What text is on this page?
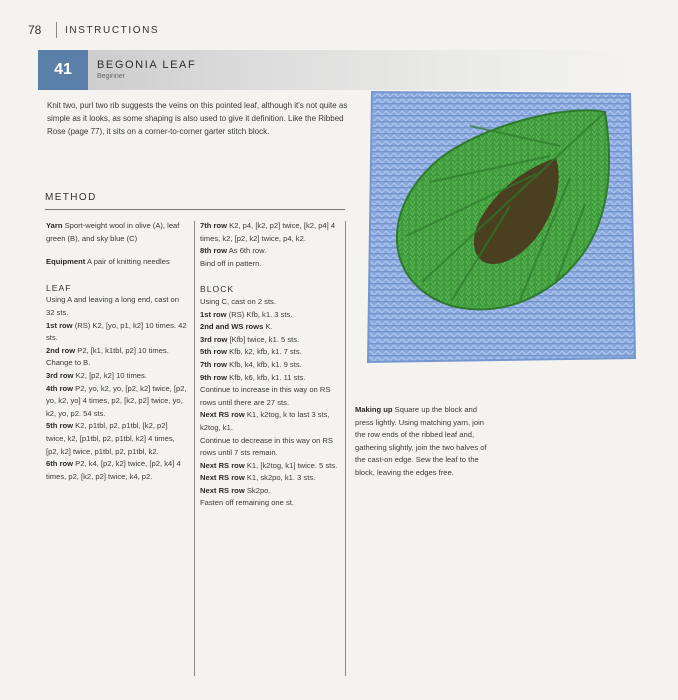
78	INSTRUCTIONS
41	BEGONIA LEAF
Beginner
Knit two, purl two rib suggests the veins on this pointed leaf, although it's not quite as simple as it looks, as some shaping is also used to give it definition. Like the Ribbed Rose (page 77), it sits on a corner-to-corner garter stitch block.
METHOD

Yarn Sport-weight wool in olive (A), leaf green (B), and sky blue (C)

Equipment A pair of knitting needles

LEAF

Using A and leaving a long end, cast on 32 sts.

1st row (RS) K2, [yo, p1, k2] 10 times. 42 sts.

2nd row P2, [k1, k1tbl, p2] 10 times.

Change to B.

3rd row K2, [p2, k2] 10 times.

4th row P2, yo, k2, yo, [p2, k2] twice, [p2, yo, k2, yo] 4 times, p2, [k2, p2] twice, yo, k2, yo, p2. 54 sts.

5th row K2, p1tbl, p2, p1tbl, [k2, p2] twice, k2, [p1tbl, p2, p1tbl, k2] 4 times, [p2, k2] twice, p1tbl, p2, p1tbl, k2.

6th row P2, k4, [p2, k2] twice, [p2, k4] 4 times, p2, [k2, p2] twice, k4, p2.

7th row K2, p4, [k2, p2] twice, [k2, p4] 4 times, k2, [p2, k2] twice, p4, k2.

8th row As 6th row.

Bind off in pattern.

BLOCK

Using C, cast on 2 sts.

1st row (RS) Kfb, k1. 3 sts.

2nd and WS rows K.

3rd row [Kfb] twice, k1. 5 sts.

5th row Kfb, k2, kfb, k1. 7 sts.

7th row Kfb, k4, kfb, k1. 9 sts.

9th row Kfb, k6, kfb, k1. 11 sts.

Continue to increase in this way on RS rows until there are 27 sts.

Next RS row K1, k2tog, k to last 3 sts, k2tog, k1.

Continue to decrease in this way on RS rows until 7 sts remain.

Next RS row K1, [k2tog, k1] twice. 5 sts.

Next RS row K1, sk2po, k1. 3 sts.

Next RS row Sk2po.

Fasten off remaining one st.

Making up Square up the block and press lightly. Using matching yarn, join the row ends of the ribbed leaf and, gathering slightly, join the two halves of the cast-on edge. Sew the leaf to the block, leaving the edges free.
